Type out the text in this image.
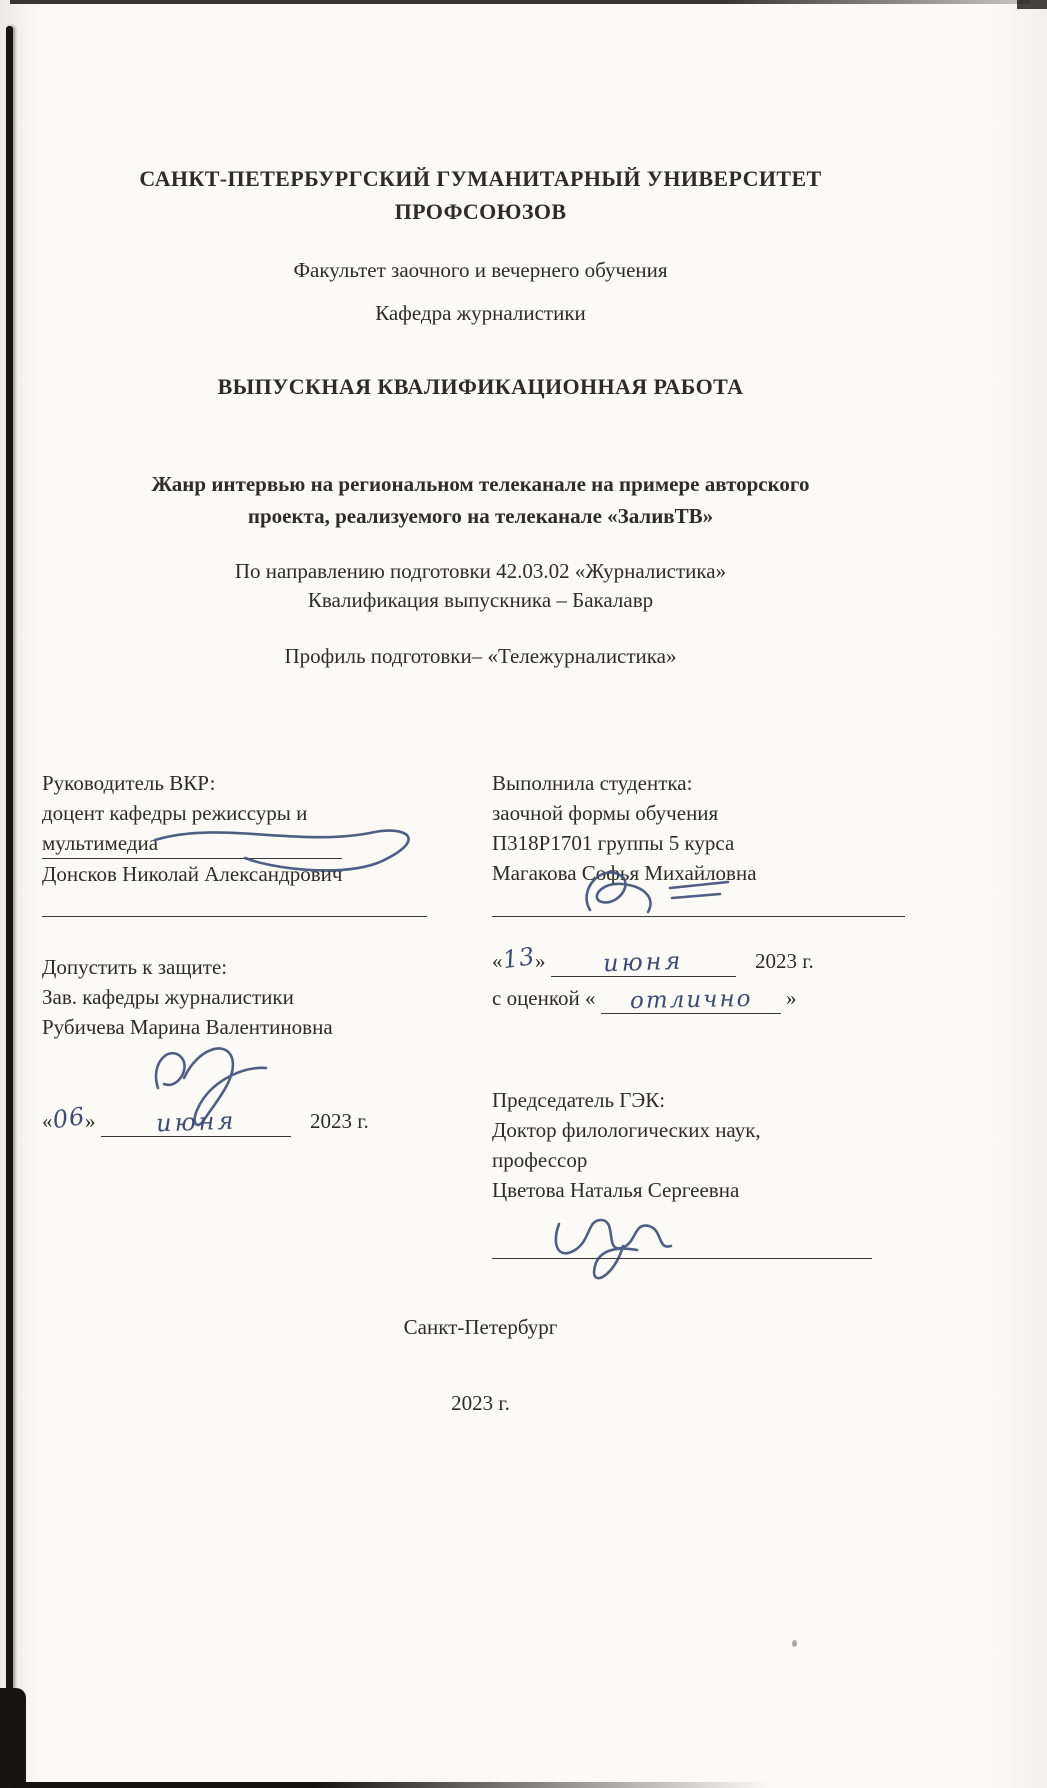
САНКТ-ПЕТЕРБУРГСКИЙ ГУМАНИТАРНЫЙ УНИВЕРСИТЕТ
ПРОФСОЮЗОВ
Факультет заочного и вечернего обучения
Кафедра журналистики
ВЫПУСКНАЯ КВАЛИФИКАЦИОННАЯ РАБОТА
Жанр интервью на региональном телеканале на примере авторского
проекта, реализуемого на телеканале «ЗаливТВ»
По направлению подготовки 42.03.02 «Журналистика»
Квалификация выпускника – Бакалавр
Профиль подготовки– «Тележурналистика»
Руководитель ВКР:
доцент кафедры режиссуры и
мультимедиа
Донсков Николай Александрович
Допустить к защите:
Зав. кафедры журналистики
Рубичева Марина Валентиновна
«06» июня	2023 г.
Выполнила студентка:
заочной формы обучения
П318Р1701 группы 5 курса
Магакова Софья Михайловна
«13» июня	2023 г.
с оценкой « отлично »
Председатель ГЭК:
Доктор филологических наук,
профессор
Цветова Наталья Сергеевна
Санкт-Петербург
2023 г.
